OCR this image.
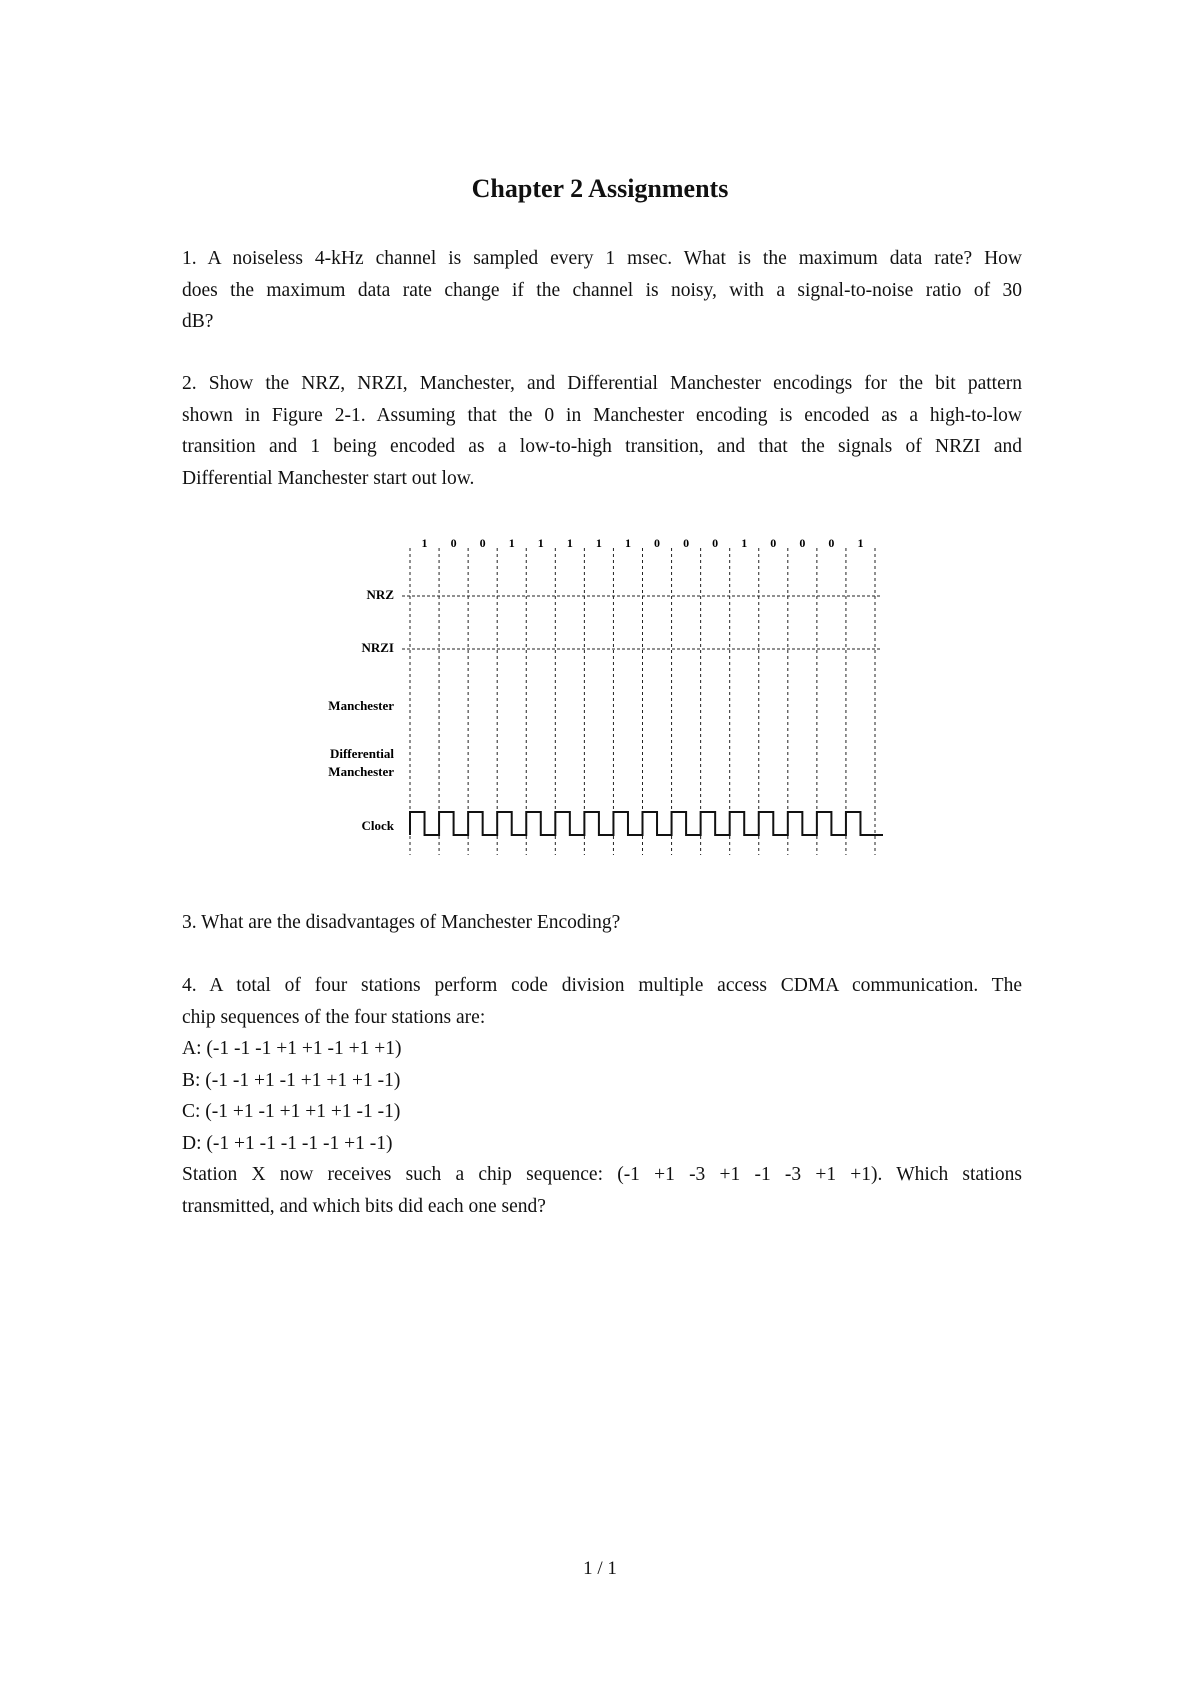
Chapter 2 Assignments
1. A noiseless 4-kHz channel is sampled every 1 msec. What is the maximum data rate? How
does the maximum data rate change if the channel is noisy, with a signal-to-noise ratio of 30
dB?
2. Show the NRZ, NRZI, Manchester, and Differential Manchester encodings for the bit pattern
shown in Figure 2-1. Assuming that the 0 in Manchester encoding is encoded as a high-to-low
transition and 1 being encoded as a low-to-high transition, and that the signals of NRZI and
Differential Manchester start out low.
1 0 0 1 1 1 1 1 0 0 0 1 0 0 0 1
NRZ
NRZI
Manchester
Differential
Manchester
Clock
3. What are the disadvantages of Manchester Encoding?
4. A total of four stations perform code division multiple access CDMA communication. The
chip sequences of the four stations are:
A: (-1 -1 -1 +1 +1 -1 +1 +1)
B: (-1 -1 +1 -1 +1 +1 +1 -1)
C: (-1 +1 -1 +1 +1 +1 -1 -1)
D: (-1 +1 -1 -1 -1 -1 +1 -1)
Station X now receives such a chip sequence: (-1 +1 -3 +1 -1 -3 +1 +1). Which stations
transmitted, and which bits did each one send?
1 / 1
